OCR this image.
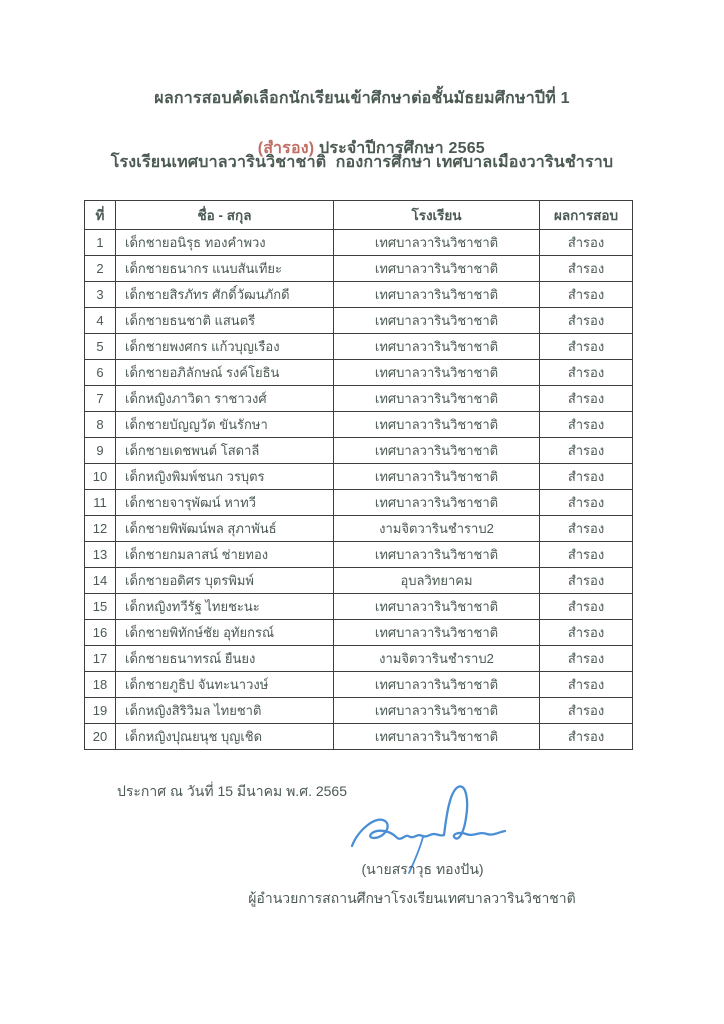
ผลการสอบคัดเลือกนักเรียนเข้าศึกษาต่อชั้นมัธยมศึกษาปีที่ 1

(สำรอง) ประจำปีการศึกษา 2565

โรงเรียนเทศบาลวารินวิชาชาติ  กองการศึกษา เทศบาลเมืองวารินชำราบ
ที่	ชื่อ - สกุล	โรงเรียน	ผลการสอบ
1	เด็กชายอนิรุธ ทองคำพวง	เทศบาลวารินวิชาชาติ	สำรอง
2	เด็กชายธนากร แนบสันเทียะ	เทศบาลวารินวิชาชาติ	สำรอง
3	เด็กชายสิรภัทร ศักดิ์วัฒนภักดี	เทศบาลวารินวิชาชาติ	สำรอง
4	เด็กชายธนชาติ แสนตรี	เทศบาลวารินวิชาชาติ	สำรอง
5	เด็กชายพงศกร แก้วบุญเรือง	เทศบาลวารินวิชาชาติ	สำรอง
6	เด็กชายอภิลักษณ์ รงค์โยธิน	เทศบาลวารินวิชาชาติ	สำรอง
7	เด็กหญิงภาวิดา ราชาวงศ์	เทศบาลวารินวิชาชาติ	สำรอง
8	เด็กชายบัญญวัต ขันรักษา	เทศบาลวารินวิชาชาติ	สำรอง
9	เด็กชายเดชพนต์ โสดาลี	เทศบาลวารินวิชาชาติ	สำรอง
10	เด็กหญิงพิมพ์ชนก วรบุตร	เทศบาลวารินวิชาชาติ	สำรอง
11	เด็กชายจารุพัฒน์ หาทวี	เทศบาลวารินวิชาชาติ	สำรอง
12	เด็กชายพิพัฒน์พล สุภาพันธ์	งามจิตวารินชำราบ2	สำรอง
13	เด็กชายกมลาสน์ ช่ายทอง	เทศบาลวารินวิชาชาติ	สำรอง
14	เด็กชายอดิศร บุตรพิมพ์	อุบลวิทยาคม	สำรอง
15	เด็กหญิงทวีรัฐ ไทยชะนะ	เทศบาลวารินวิชาชาติ	สำรอง
16	เด็กชายพิทักษ์ชัย อุทัยกรณ์	เทศบาลวารินวิชาชาติ	สำรอง
17	เด็กชายธนาทรณ์ ยืนยง	งามจิตวารินชำราบ2	สำรอง
18	เด็กชายภูธิป จันทะนาวงษ์	เทศบาลวารินวิชาชาติ	สำรอง
19	เด็กหญิงสิริวิมล ไทยชาติ	เทศบาลวารินวิชาชาติ	สำรอง
20	เด็กหญิงปุณยนุช บุญเชิด	เทศบาลวารินวิชาชาติ	สำรอง
ประกาศ ณ วันที่ 15 มีนาคม พ.ศ. 2565
(นายสราวุธ ทองปัน)
ผู้อำนวยการสถานศึกษาโรงเรียนเทศบาลวารินวิชาชาติ
